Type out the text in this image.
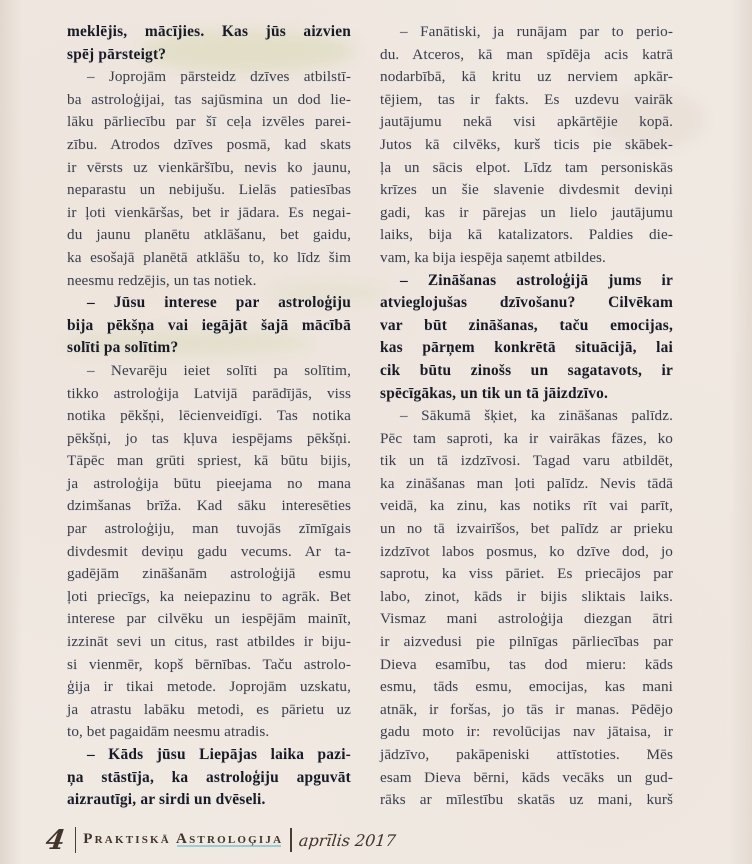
meklējis, mācījies. Kas jūs aizvien
spēj pārsteigt?
– Joprojām pārsteidz dzīves atbilstī-
ba astroloģijai, tas sajūsmina un dod lie-
lāku pārliecību par šī ceļa izvēles parei-
zību. Atrodos dzīves posmā, kad skats
ir vērsts uz vienkāršību, nevis ko jaunu,
neparastu un nebijušu. Lielās patiesības
ir ļoti vienkāršas, bet ir jādara. Es negai-
du jaunu planētu atklāšanu, bet gaidu,
ka esošajā planētā atklāšu to, ko līdz šim
neesmu redzējis, un tas notiek.
– Jūsu interese par astroloģiju
bija pēkšņa vai iegājāt šajā mācībā
solīti pa solītim?
– Nevarēju ieiet solīti pa solītim,
tikko astroloģija Latvijā parādījās, viss
notika pēkšņi, lēcienveidīgi. Tas notika
pēkšņi, jo tas kļuva iespējams pēkšņi.
Tāpēc man grūti spriest, kā būtu bijis,
ja astroloģija būtu pieejama no mana
dzimšanas brīža. Kad sāku interesēties
par astroloģiju, man tuvojās zīmīgais
divdesmit deviņu gadu vecums. Ar ta-
gadējām zināšanām astroloģijā esmu
ļoti priecīgs, ka neiepazinu to agrāk. Bet
interese par cilvēku un iespējām mainīt,
izzināt sevi un citus, rast atbildes ir biju-
si vienmēr, kopš bērnības. Taču astrolo-
ģija ir tikai metode. Joprojām uzskatu,
ja atrastu labāku metodi, es pārietu uz
to, bet pagaidām neesmu atradis.
– Kāds jūsu Liepājas laika pazi-
ņa stāstīja, ka astroloģiju apguvāt
aizrautīgi, ar sirdi un dvēseli.
– Fanātiski, ja runājam par to perio-
du. Atceros, kā man spīdēja acis katrā
nodarbībā, kā kritu uz nerviem apkār-
tējiem, tas ir fakts. Es uzdevu vairāk
jautājumu nekā visi apkārtējie kopā.
Jutos kā cilvēks, kurš ticis pie skābek-
ļa un sācis elpot. Līdz tam personiskās
krīzes un šie slavenie divdesmit deviņi
gadi, kas ir pārejas un lielo jautājumu
laiks, bija kā katalizators. Paldies die-
vam, ka bija iespēja saņemt atbildes.
– Zināšanas astroloģijā jums ir
atvieglojušas dzīvošanu? Cilvēkam
var būt zināšanas, taču emocijas,
kas pārņem konkrētā situācijā, lai
cik būtu zinošs un sagatavots, ir
spēcīgākas, un tik un tā jāizdzīvo.
– Sākumā šķiet, ka zināšanas palīdz.
Pēc tam saproti, ka ir vairākas fāzes, ko
tik un tā izdzīvosi. Tagad varu atbildēt,
ka zināšanas man ļoti palīdz. Nevis tādā
veidā, ka zinu, kas notiks rīt vai parīt,
un no tā izvairīšos, bet palīdz ar prieku
izdzīvot labos posmus, ko dzīve dod, jo
saprotu, ka viss pāriet. Es priecājos par
labo, zinot, kāds ir bijis sliktais laiks.
Vismaz mani astroloģija diezgan ātri
ir aizvedusi pie pilnīgas pārliecības par
Dieva esamību, tas dod mieru: kāds
esmu, tāds esmu, emocijas, kas mani
atnāk, ir foršas, jo tās ir manas. Pēdējo
gadu moto ir: revolūcijas nav jātaisa, ir
jādzīvo, pakāpeniski attīstoties. Mēs
esam Dieva bērni, kāds vecāks un gud-
rāks ar mīlestību skatās uz mani, kurš
4 Praktiskā Astroloģija aprīlis 2017
